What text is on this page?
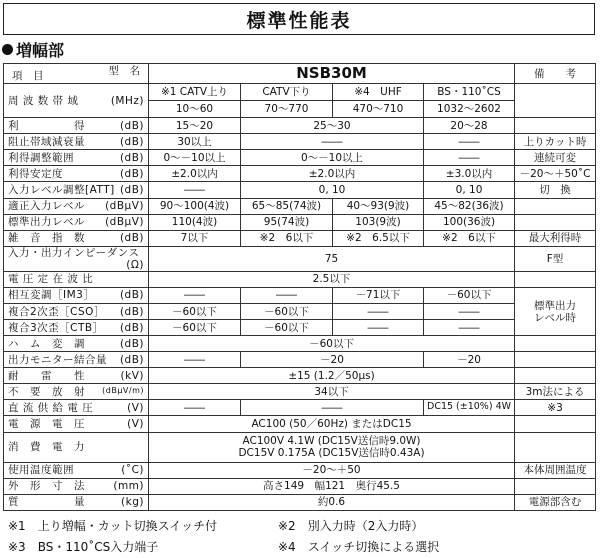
標準性能表
増幅部
項　目 型　名	NSB30M				備　　考
周 波 数 帯 域 (MHz)	※1 CATV上り	CATV下り	※4　UHF	BS・110˚CS	
	10～60	70～770	470～710	1032～2602	
利　　　　　得 (dB)	15～20	25～30		20～28	
阻止帯域減衰量 (dB)	30以上	――		――	上りカット時
利得調整範囲 (dB)	0～－10以上	0～－10以上		――	連続可変
利得安定度 (dB)	±2.0以内	±2.0以内		±3.0以内	－20～＋50˚C
入力レベル調整[ATT] (dB)	――	0, 10		0, 10	切　換
適正入力レベル (dBμV)	90～100(4波)	65～85(74波)	40～93(9波)	45～82(36波)	
標準出力レベル (dBμV)	110(4波)	95(74波)	103(9波)	100(36波)	
雑　音　指　数 (dB)	7以下	※2　6以下	※2　6.5以下	※2　6以下	最大利得時
入力・出力インピーダンス
(Ω)	75				F型
電 圧 定 在 波 比	2.5以下				
相互変調［IM3］ (dB)	――	――	－71以下	－60以下	標準出力
レベル時
複合2次歪［CSO］ (dB)	－60以下	－60以下	――	――	
複合3次歪［CTB］ (dB)	－60以下	－60以下	――	――	
ハ　ム　変　調 (dB)	－60以下				
出力モニター結合量 (dB)	――	－20		－20	
耐　　雷　　性 (kV)	±15 (1.2／50μs)				
不　要　放　射 (dBμV/m)	34以下				3m法による
直 流 供 給 電 圧 (V)	――	――		DC15 (±10%) 4W	※3
電　源　電　圧 (V)	AC100 (50／60Hz) またはDC15				
消　費　電　力	AC100V 4.1W (DC15V送信時9.0W)
DC15V 0.175A (DC15V送信時0.43A)				

使用温度範囲 (˚C)	－20～＋50				本体周囲温度
外　形　寸　法 (mm)	高さ149　幅121　奥行45.5				
質　　　　　量 (kg)	約0.6				電源部含む
※1　上り増幅・カット切換スイッチ付	※2　別入力時（2入力時）
※3　BS・110˚CS入力端子	※4　スイッチ切換による選択
